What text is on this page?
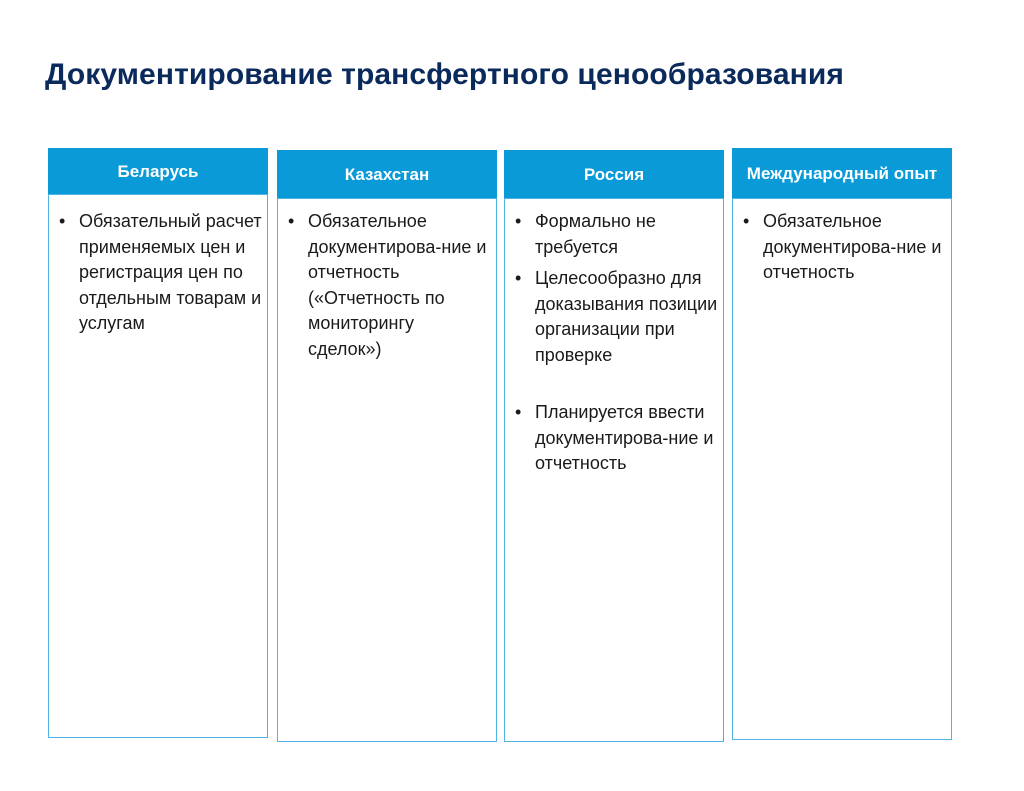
Документирование трансфертного ценообразования
Беларусь
• Обязательный расчет применяемых цен и регистрация цен по отдельным товарам и услугам
Казахстан
• Обязательное документирова-ние и отчетность («Отчетность по мониторингу сделок»)
Россия
• Формально не требуется
• Целесообразно для доказывания позиции организации при проверке
• Планируется ввести документирова-ние и отчетность
Международный опыт
• Обязательное документирова-ние и отчетность
